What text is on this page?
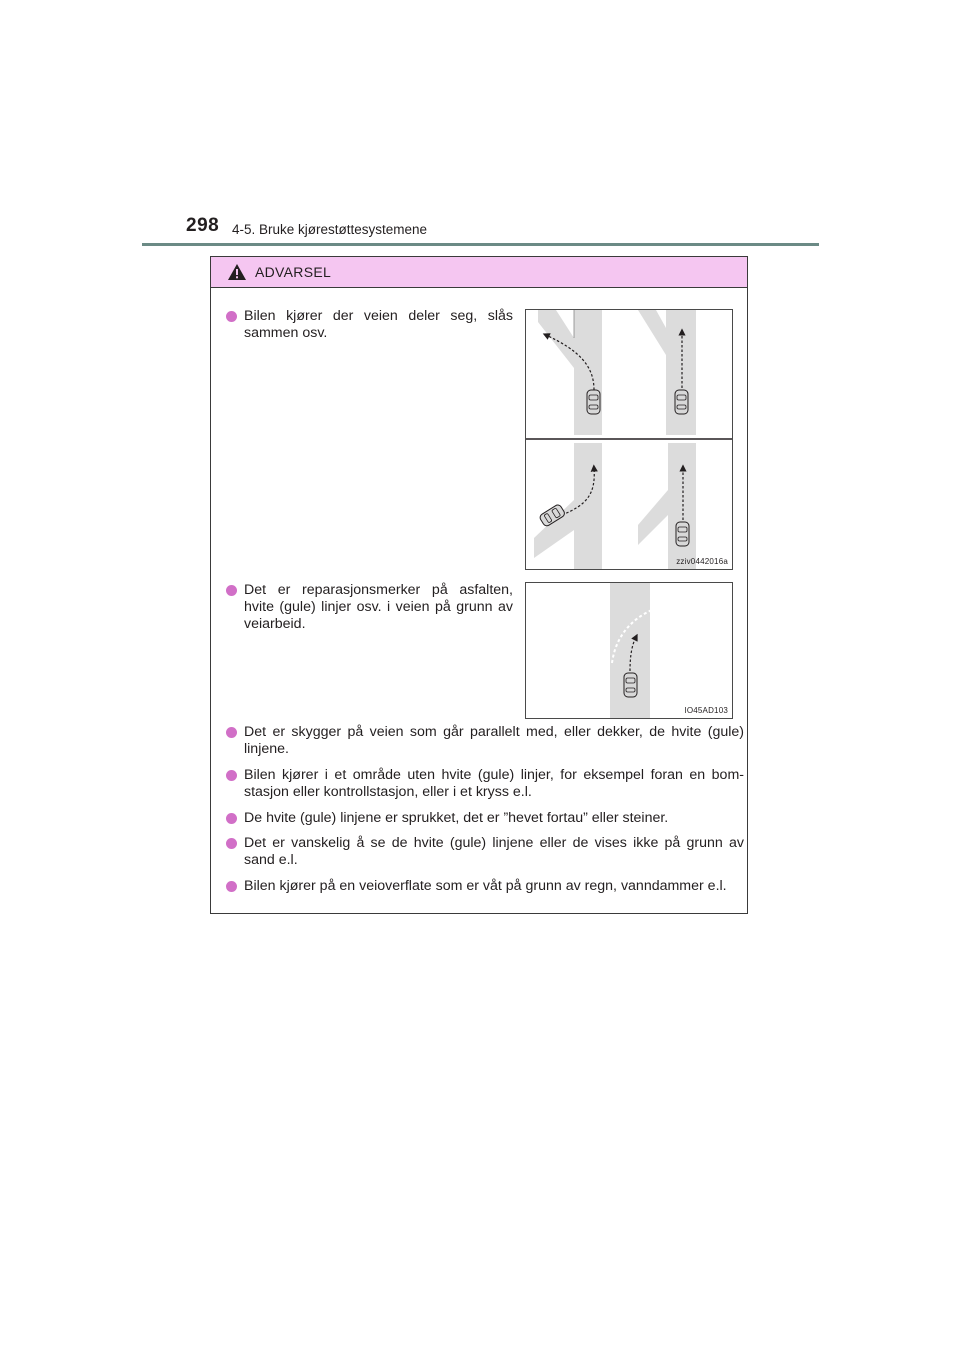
298 4-5. Bruke kjørestøttesystemene
ADVARSEL
Bilen kjører der veien deler seg, slås sammen osv.
zziv0442016a
Det er reparasjonsmerker på asfalten, hvite (gule) linjer osv. i veien på grunn av veiarbeid.
IO45AD103
Det er skygger på veien som går parallelt med, eller dekker, de hvite (gule) linjene.
Bilen kjører i et område uten hvite (gule) linjer, for eksempel foran en bom-stasjon eller kontrollstasjon, eller i et kryss e.l.
De hvite (gule) linjene er sprukket, det er ”hevet fortau” eller steiner.
Det er vanskelig å se de hvite (gule) linjene eller de vises ikke på grunn av sand e.l.
Bilen kjører på en veioverflate som er våt på grunn av regn, vanndammer e.l.
